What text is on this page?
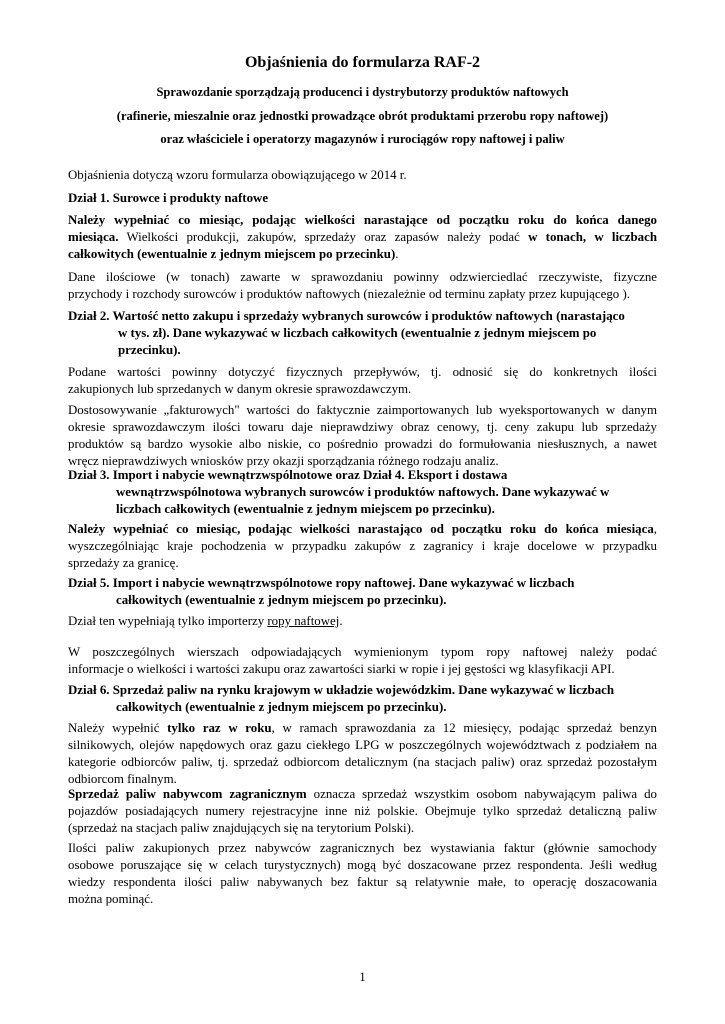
Objaśnienia do formularza RAF-2
Sprawozdanie sporządzają producenci i dystrybutorzy produktów naftowych
(rafinerie, mieszalnie oraz jednostki prowadzące obrót produktami przerobu ropy naftowej)
oraz właściciele i operatorzy magazynów i rurociągów ropy naftowej i paliw
Objaśnienia dotyczą wzoru formularza obowiązującego w 2014 r.
Dział 1. Surowce i produkty naftowe
Należy wypełniać co miesiąc, podając wielkości narastające od początku roku do końca danego
miesiąca. Wielkości produkcji, zakupów, sprzedaży oraz zapasów należy podać w tonach, w liczbach
całkowitych (ewentualnie z jednym miejscem po przecinku).
Dane ilościowe (w tonach) zawarte w sprawozdaniu powinny odzwierciedlać rzeczywiste, fizyczne
przychody i rozchody surowców i produktów naftowych (niezależnie od terminu zapłaty przez kupującego ).
Dział 2. Wartość netto zakupu i sprzedaży wybranych surowców i produktów naftowych (narastająco
w tys. zł). Dane wykazywać w liczbach całkowitych (ewentualnie z jednym miejscem po
przecinku).
Podane wartości powinny dotyczyć fizycznych przepływów, tj. odnosić się do konkretnych ilości
zakupionych lub sprzedanych w danym okresie sprawozdawczym.
Dostosowywanie „fakturowych" wartości do faktycznie zaimportowanych lub wyeksportowanych w danym
okresie sprawozdawczym ilości towaru daje nieprawdziwy obraz cenowy, tj. ceny zakupu lub sprzedaży
produktów są bardzo wysokie albo niskie, co pośrednio prowadzi do formułowania niesłusznych, a nawet
wręcz nieprawdziwych wniosków przy okazji sporządzania różnego rodzaju analiz.
Dział 3. Import i nabycie wewnątrzwspólnotowe oraz Dział 4. Eksport i dostawa
wewnątrzwspólnotowa wybranych surowców i produktów naftowych. Dane wykazywać w
liczbach całkowitych (ewentualnie z jednym miejscem po przecinku).
Należy wypełniać co miesiąc, podając wielkości narastająco od początku roku do końca miesiąca,
wyszczególniając kraje pochodzenia w przypadku zakupów z zagranicy i kraje docelowe w przypadku
sprzedaży za granicę.
Dział 5. Import i nabycie wewnątrzwspólnotowe ropy naftowej. Dane wykazywać w liczbach
całkowitych (ewentualnie z jednym miejscem po przecinku).
Dział ten wypełniają tylko importerzy ropy naftowej.
W poszczególnych wierszach odpowiadających wymienionym typom ropy naftowej należy podać
informacje o wielkości i wartości zakupu oraz zawartości siarki w ropie i jej gęstości wg klasyfikacji API.
Dział 6. Sprzedaż paliw na rynku krajowym w układzie wojewódzkim. Dane wykazywać w liczbach
całkowitych (ewentualnie z jednym miejscem po przecinku).
Należy wypełnić tylko raz w roku, w ramach sprawozdania za 12 miesięcy, podając sprzedaż benzyn
silnikowych, olejów napędowych oraz gazu ciekłego LPG w poszczególnych województwach z podziałem na
kategorie odbiorców paliw, tj. sprzedaż odbiorcom detalicznym (na stacjach paliw) oraz sprzedaż pozostałym
odbiorcom finalnym.
Sprzedaż paliw nabywcom zagranicznym oznacza sprzedaż wszystkim osobom nabywającym paliwa do
pojazdów posiadających numery rejestracyjne inne niż polskie. Obejmuje tylko sprzedaż detaliczną paliw
(sprzedaż na stacjach paliw znajdujących się na terytorium Polski).
Ilości paliw zakupionych przez nabywców zagranicznych bez wystawiania faktur (głównie samochody
osobowe poruszające się w celach turystycznych) mogą być doszacowane przez respondenta. Jeśli według
wiedzy respondenta ilości paliw nabywanych bez faktur są relatywnie małe, to operację doszacowania
można pominąć.
1
